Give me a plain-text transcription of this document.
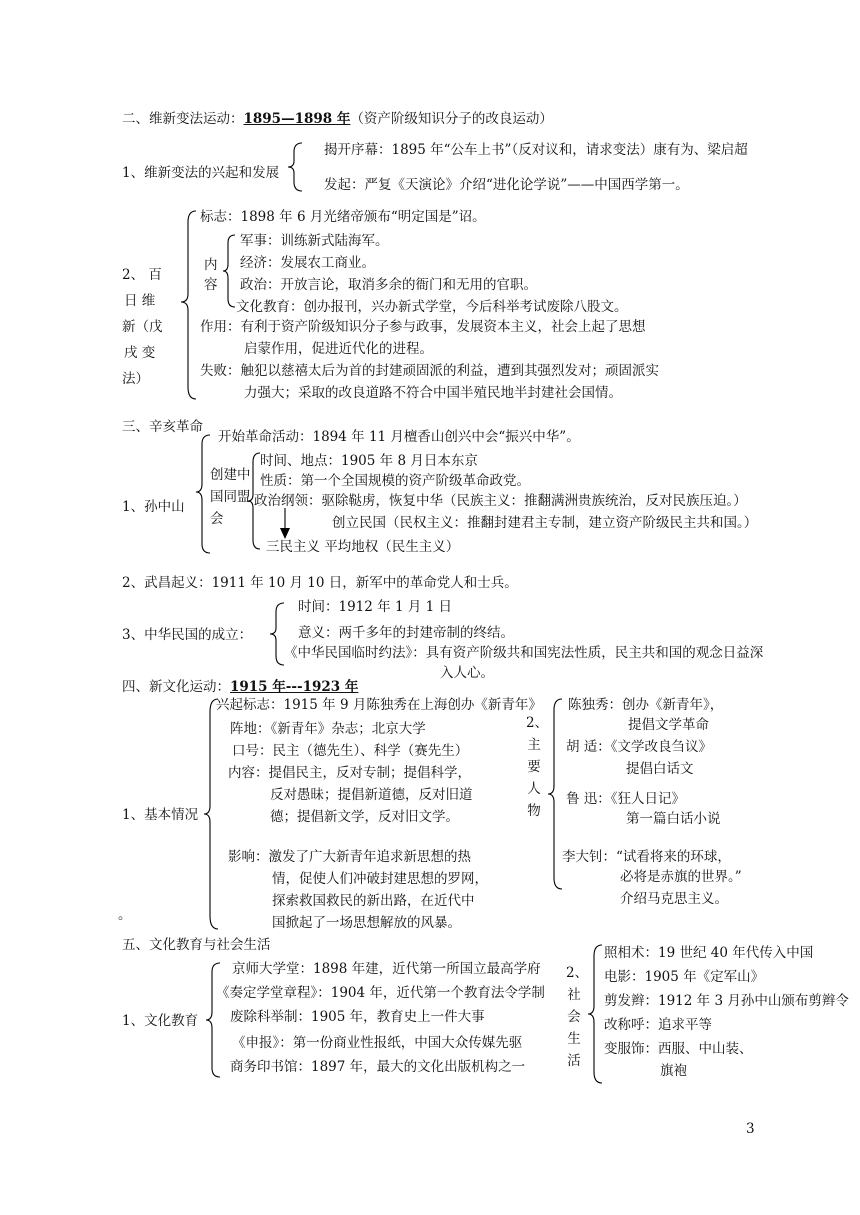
二、维新变法运动：1895—1898 年（资产阶级知识分子的改良运动）
1、维新变法的兴起和发展
揭开序幕：1895 年“公车上书”（反对议和，请求变法）康有为、梁启超
发起：严复《天演论》介绍“进化论学说”——中国西学第一。
2、 百
日 维
新（戊
戌 变
法）
标志：1898 年 6 月光绪帝颁布“明定国是”诏。
内
容
军事：训练新式陆海军。
经济：发展农工商业。
政治：开放言论，取消多余的衙门和无用的官职。
文化教育：创办报刊，兴办新式学堂，今后科举考试废除八股文。
作用：有利于资产阶级知识分子参与政事，发展资本主义，社会上起了思想
启蒙作用，促进近代化的进程。
失败：触犯以慈禧太后为首的封建顽固派的利益，遭到其强烈发对；顽固派实
力强大；采取的改良道路不符合中国半殖民地半封建社会国情。
三、辛亥革命
1、孙中山
开始革命活动：1894 年 11 月檀香山创兴中会“振兴中华”。
创建中
国同盟
会
时间、地点：1905 年 8 月日本东京
性质：第一个全国规模的资产阶级革命政党。
政治纲领：驱除鞑虏，恢复中华（民族主义：推翻满洲贵族统治，反对民族压迫。）
创立民国（民权主义：推翻封建君主专制，建立资产阶级民主共和国。）
三民主义 平均地权（民生主义）
2、武昌起义：1911 年 10 月 10 日，新军中的革命党人和士兵。
3、中华民国的成立：
时间：1912 年 1 月 1 日
意义：两千多年的封建帝制的终结。
《中华民国临时约法》：具有资产阶级共和国宪法性质，民主共和国的观念日益深
入人心。
四、新文化运动：1915 年---1923 年
1、基本情况
兴起标志：1915 年 9 月陈独秀在上海创办《新青年》
阵地：《新青年》杂志；北京大学
口号：民主（德先生）、科学（赛先生）
内容：提倡民主，反对专制；提倡科学，
反对愚昧；提倡新道德，反对旧道
德；提倡新文学，反对旧文学。
影响：激发了广大新青年追求新思想的热
情，促使人们冲破封建思想的罗网，
探索救国救民的新出路，在近代中
国掀起了一场思想解放的风暴。
。
2、主要人物
陈独秀：创办《新青年》，
提倡文学革命
胡 适：《文学改良刍议》
提倡白话文
鲁 迅：《狂人日记》
第一篇白话小说
李大钊：“试看将来的环球，
必将是赤旗的世界。”
介绍马克思主义。
五、文化教育与社会生活
1、文化教育
京师大学堂：1898 年建，近代第一所国立最高学府
《奏定学堂章程》：1904 年，近代第一个教育法令学制
废除科举制：1905 年，教育史上一件大事
《申报》：第一份商业性报纸，中国大众传媒先驱
商务印书馆：1897 年，最大的文化出版机构之一
2、社会生活
照相术：19 世纪 40 年代传入中国
电影：1905 年《定军山》
剪发辫：1912 年 3 月孙中山颁布剪辫令
改称呼：追求平等
变服饰：西服、中山装、
旗袍
3
